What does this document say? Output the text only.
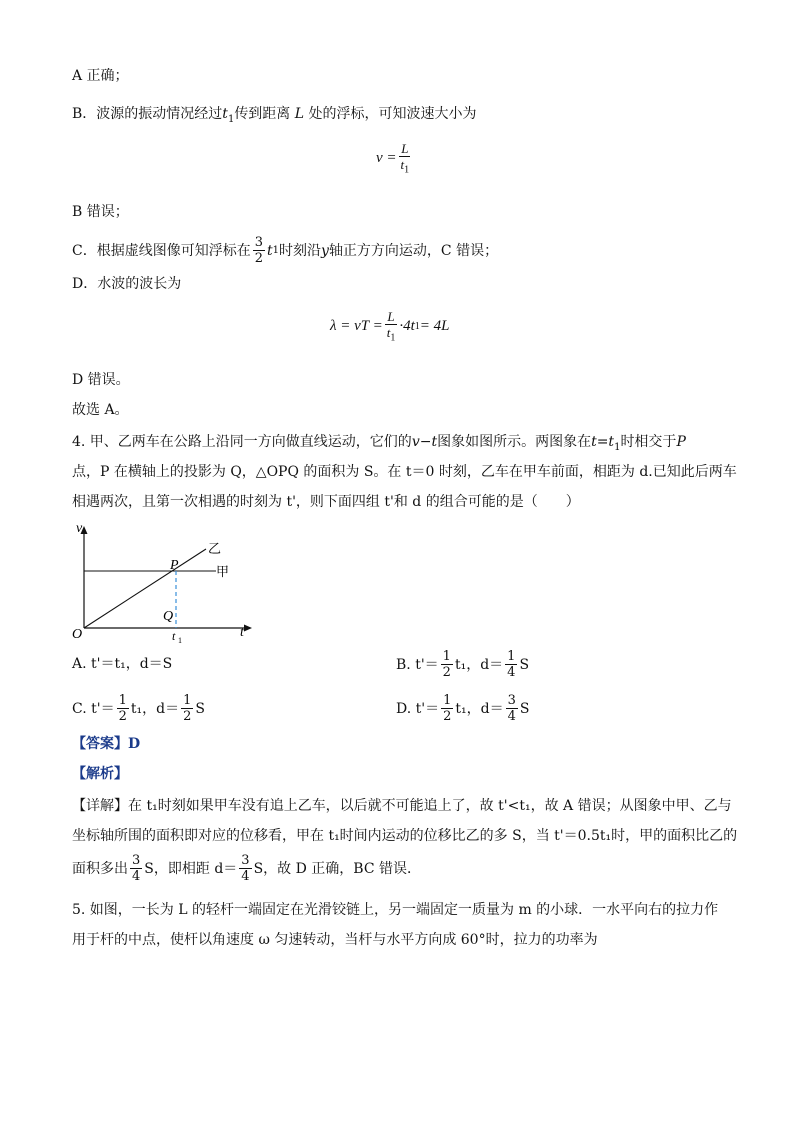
A 正确；
B．波源的振动情况经过$t_1$传到距离 L 处的浮标，可知波速大小为
$v = \frac{L}{t_1}$
B 错误；
C．根据虚线图像可知浮标在 $\frac{3}{2}$ t 1 时刻沿 y 轴正方方向运动，C 错误；
D．水波的波长为
λ = vT = $\frac{L}{t_1} \cdot 4t$ 1 = 4L
D 错误。
故选 A。
4. 甲、乙两车在公路上沿同一方向做直线运动，它们的v−t图象如图所示。两图象在$t=t_1$时相交于P
点，P 在横轴上的投影为 Q，△OPQ 的面积为 S。在 t＝0 时刻，乙车在甲车前面，相距为 d.已知此后两车
相遇两次，且第一次相遇的时刻为 t'，则下面四组 t'和 d 的组合可能的是（　　）
v
t
O
P
Q
t 1
乙
甲
A. t'＝t₁，d＝S	B. $t'= \frac{1}{2} t_1$，$d= \frac{1}{4}$ S
C. $t'= \frac{1}{2} t_1$，$d= \frac{1}{2}$ S	D. $t'= \frac{1}{2} t_1$，$d= \frac{3}{4}$ S
【答案】D
【解析】
【详解】在 t₁时刻如果甲车没有追上乙车，以后就不可能追上了，故 t'<t₁，故 A 错误；从图象中甲、乙与
坐标轴所围的面积即对应的位移看，甲在 t₁时间内运动的位移比乙的多 S，当 t'＝0.5t₁时，甲的面积比乙的
面积多出 $\frac{3}{4}$ S，即相距 $d= \frac{3}{4}$ S，故 D 正确，BC 错误．
5. 如图，一长为 L 的轻杆一端固定在光滑铰链上，另一端固定一质量为 m 的小球．一水平向右的拉力作
用于杆的中点，使杆以角速度 ω 匀速转动，当杆与水平方向成 60°时，拉力的功率为
